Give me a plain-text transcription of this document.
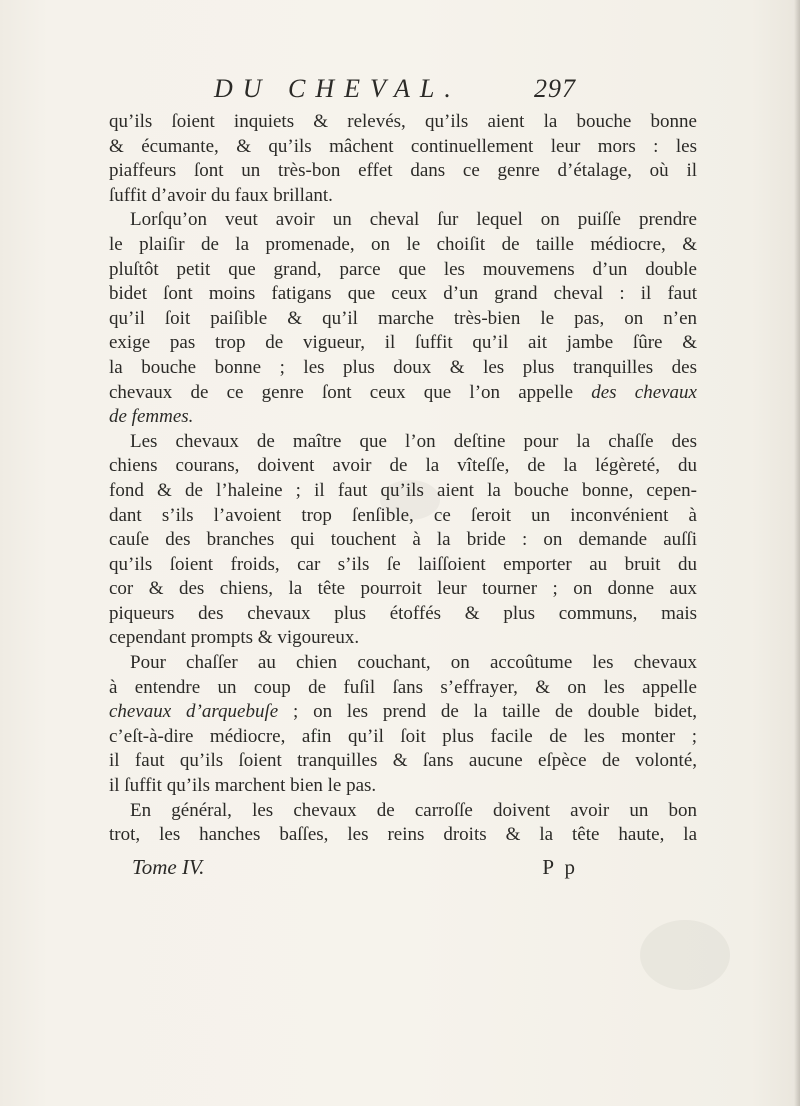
DU CHEVAL.	297
qu’ils ſoient inquiets & relevés, qu’ils aient la bouche bonne
& écumante, & qu’ils mâchent continuellement leur mors : les
piaffeurs ſont un très-bon effet dans ce genre d’étalage, où il
ſuffit d’avoir du faux brillant.
Lorſqu’on veut avoir un cheval ſur lequel on puiſſe prendre
le plaiſir de la promenade, on le choiſit de taille médiocre, &
pluſtôt petit que grand, parce que les mouvemens d’un double
bidet ſont moins fatigans que ceux d’un grand cheval : il faut
qu’il ſoit paiſible & qu’il marche très-bien le pas, on n’en
exige pas trop de vigueur, il ſuffit qu’il ait jambe ſûre &
la bouche bonne ; les plus doux & les plus tranquilles des
chevaux de ce genre ſont ceux que l’on appelle des chevaux
de femmes.
Les chevaux de maître que l’on deſtine pour la chaſſe des
chiens courans, doivent avoir de la vîteſſe, de la légèreté, du
fond & de l’haleine ; il faut qu’ils aient la bouche bonne, cepen-
dant s’ils l’avoient trop ſenſible, ce ſeroit un inconvénient à
cauſe des branches qui touchent à la bride : on demande auſſi
qu’ils ſoient froids, car s’ils ſe laiſſoient emporter au bruit du
cor & des chiens, la tête pourroit leur tourner ; on donne aux
piqueurs des chevaux plus étoffés & plus communs, mais
cependant prompts & vigoureux.
Pour chaſſer au chien couchant, on accoûtume les chevaux
à entendre un coup de fuſil ſans s’effrayer, & on les appelle
chevaux d’arquebuſe ; on les prend de la taille de double bidet,
c’eſt-à-dire médiocre, afin qu’il ſoit plus facile de les monter ;
il faut qu’ils ſoient tranquilles & ſans aucune eſpèce de volonté,
il ſuffit qu’ils marchent bien le pas.
En général, les chevaux de carroſſe doivent avoir un bon
trot, les hanches baſſes, les reins droits & la tête haute, la
Tome IV.	P p
